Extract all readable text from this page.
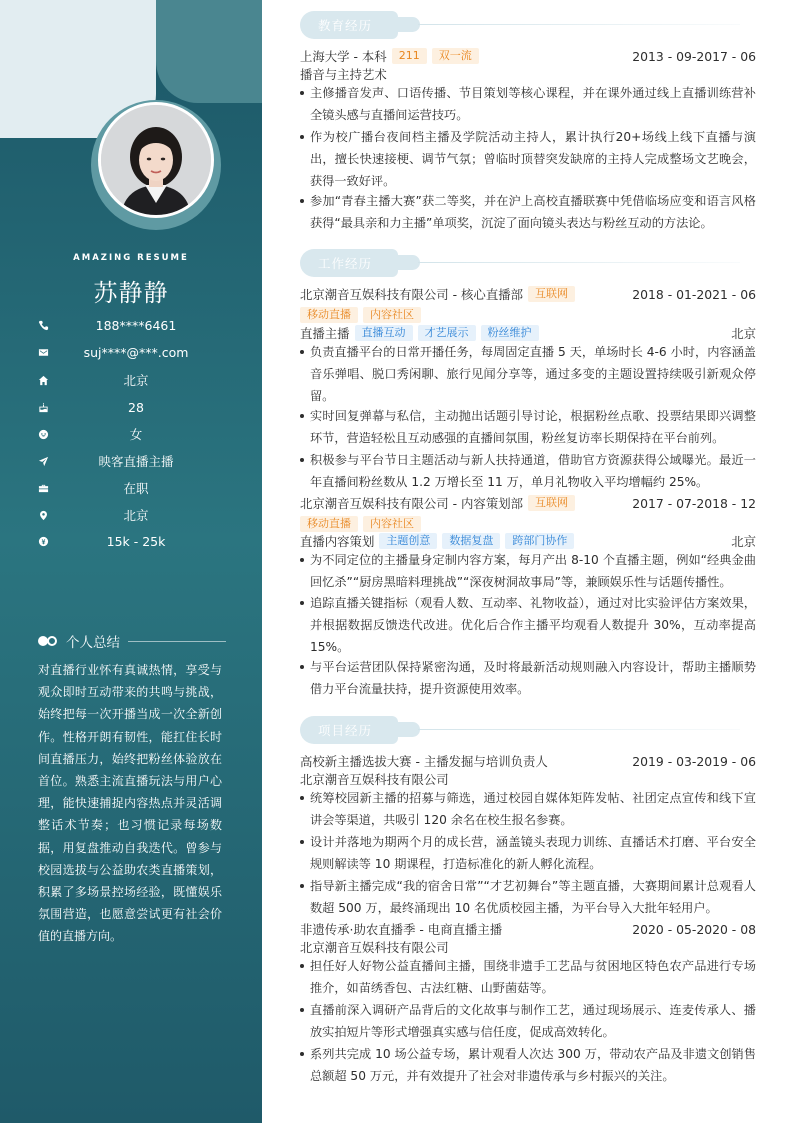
AMAZING RESUME
苏静静
188****6461
suj****@***.com
北京
28
女
映客直播主播
在职
北京
15k - 25k
个人总结
对直播行业怀有真诚热情，享受与观众即时互动带来的共鸣与挑战，始终把每一次开播当成一次全新创作。性格开朗有韧性，能扛住长时间直播压力，始终把粉丝体验放在首位。熟悉主流直播玩法与用户心理，能快速捕捉内容热点并灵活调整话术节奏；也习惯记录每场数据，用复盘推动自我迭代。曾参与校园选拔与公益助农类直播策划，积累了多场景控场经验，既懂娱乐氛围营造，也愿意尝试更有社会价值的直播方向。
教育经历
上海大学 - 本科	211	双一流	2013 - 09-2017 - 06
播音与主持艺术
主修播音发声、口语传播、节目策划等核心课程，并在课外通过线上直播训练营补全镜头感与直播间运营技巧。
作为校广播台夜间档主播及学院活动主持人，累计执行20+场线上线下直播与演出，擅长快速接梗、调节气氛；曾临时顶替突发缺席的主持人完成整场文艺晚会，获得一致好评。
参加“青春主播大赛”获二等奖，并在沪上高校直播联赛中凭借临场应变和语言风格获得“最具亲和力主播”单项奖，沉淀了面向镜头表达与粉丝互动的方法论。
工作经历
北京潮音互娱科技有限公司 - 核心直播部	互联网	2018 - 01-2021 - 06
移动直播	内容社区
直播主播	直播互动	才艺展示	粉丝维护	北京
负责直播平台的日常开播任务，每周固定直播 5 天，单场时长 4-6 小时，内容涵盖音乐弹唱、脱口秀闲聊、旅行见闻分享等，通过多变的主题设置持续吸引新观众停留。
实时回复弹幕与私信，主动抛出话题引导讨论，根据粉丝点歌、投票结果即兴调整环节，营造轻松且互动感强的直播间氛围，粉丝复访率长期保持在平台前列。
积极参与平台节日主题活动与新人扶持通道，借助官方资源获得公域曝光。最近一年直播间粉丝数从 1.2 万增长至 11 万，单月礼物收入平均增幅约 25%。
北京潮音互娱科技有限公司 - 内容策划部	互联网	2017 - 07-2018 - 12
移动直播	内容社区
直播内容策划	主题创意	数据复盘	跨部门协作	北京
为不同定位的主播量身定制内容方案，每月产出 8-10 个直播主题，例如“经典金曲回忆杀”“厨房黑暗料理挑战”“深夜树洞故事局”等，兼顾娱乐性与话题传播性。
追踪直播关键指标（观看人数、互动率、礼物收益），通过对比实验评估方案效果，并根据数据反馈迭代改进。优化后合作主播平均观看人数提升 30%，互动率提高 15%。
与平台运营团队保持紧密沟通，及时将最新活动规则融入内容设计，帮助主播顺势借力平台流量扶持，提升资源使用效率。
项目经历
高校新主播选拔大赛 - 主播发掘与培训负责人	2019 - 03-2019 - 06
北京潮音互娱科技有限公司
统筹校园新主播的招募与筛选，通过校园自媒体矩阵发帖、社团定点宣传和线下宣讲会等渠道，共吸引 120 余名在校生报名参赛。
设计并落地为期两个月的成长营，涵盖镜头表现力训练、直播话术打磨、平台安全规则解读等 10 期课程，打造标准化的新人孵化流程。
指导新主播完成“我的宿舍日常”“才艺初舞台”等主题直播，大赛期间累计总观看人数超 500 万，最终涌现出 10 名优质校园主播，为平台导入大批年轻用户。
非遗传承·助农直播季 - 电商直播主播	2020 - 05-2020 - 08
北京潮音互娱科技有限公司
担任好人好物公益直播间主播，围绕非遗手工艺品与贫困地区特色农产品进行专场推介，如苗绣香包、古法红糖、山野菌菇等。
直播前深入调研产品背后的文化故事与制作工艺，通过现场展示、连麦传承人、播放实拍短片等形式增强真实感与信任度，促成高效转化。
系列共完成 10 场公益专场，累计观看人次达 300 万，带动农产品及非遗文创销售总额超 50 万元，并有效提升了社会对非遗传承与乡村振兴的关注。
